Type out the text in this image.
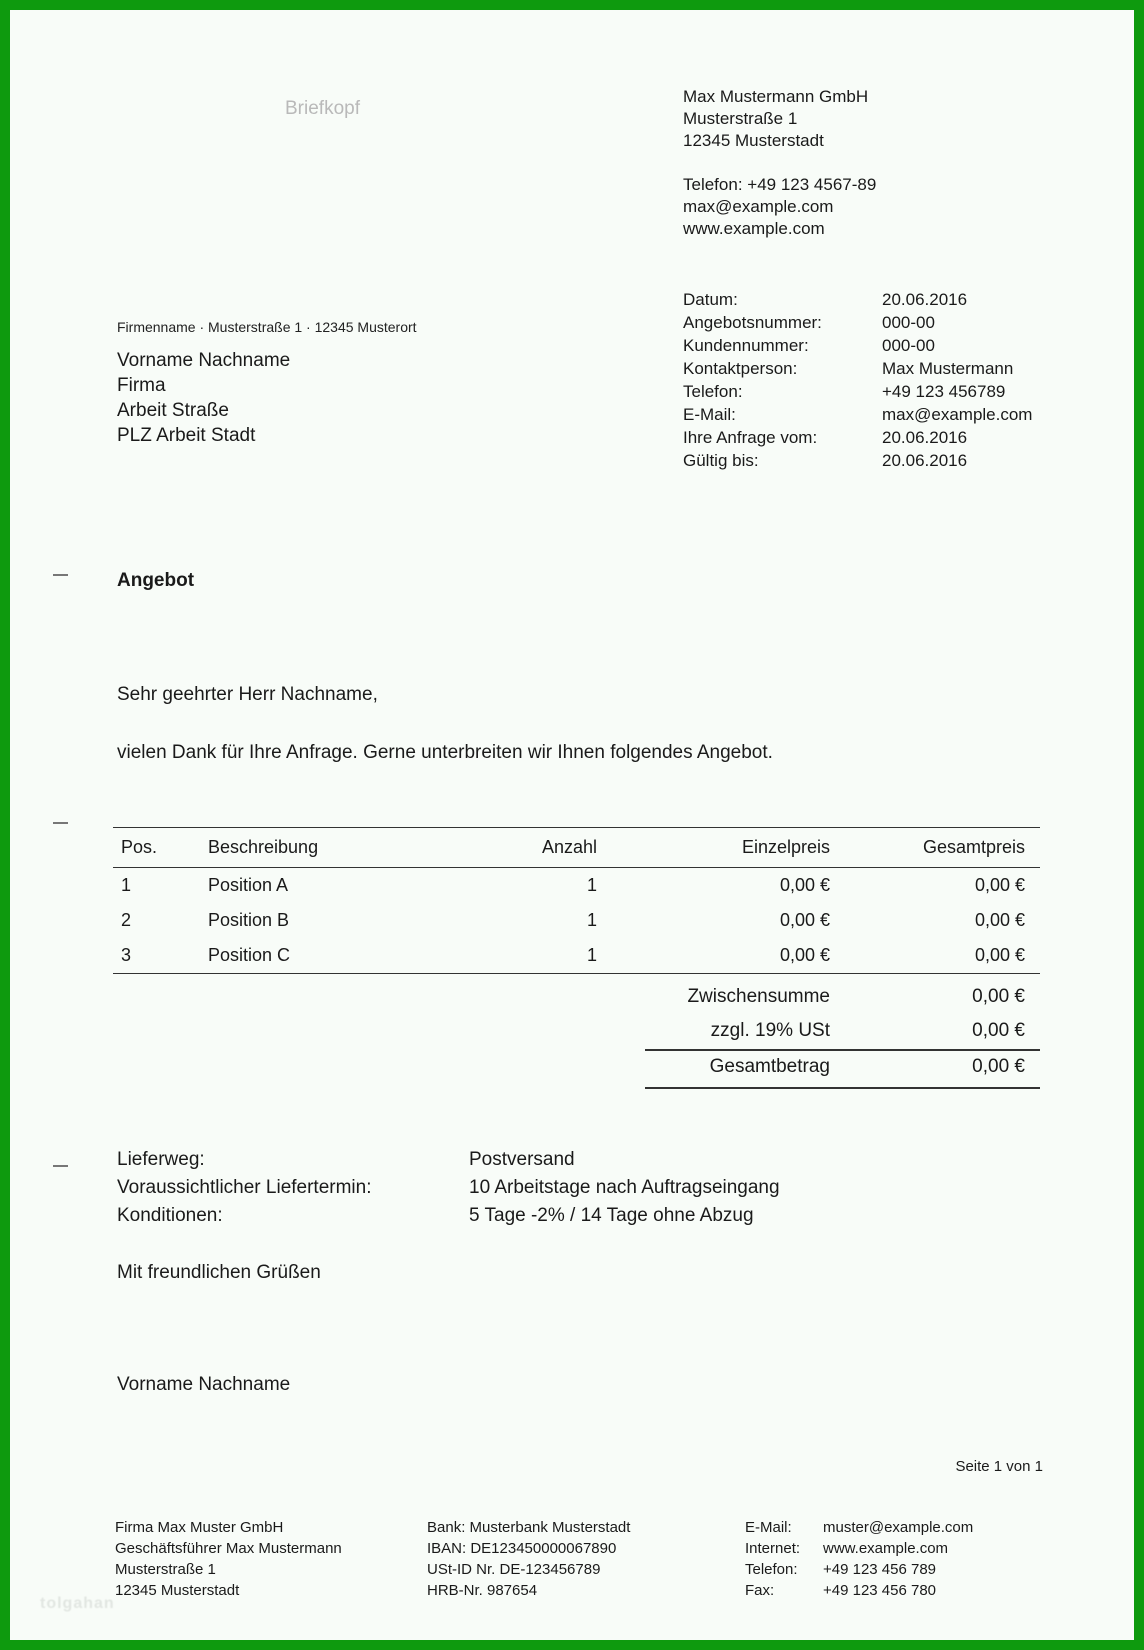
Briefkopf
Max Mustermann GmbH
Musterstraße 1
12345 Musterstadt
Telefon: +49 123 4567-89
max@example.com
www.example.com
Firmenname · Musterstraße 1 · 12345 Musterort
Vorname Nachname
Firma
Arbeit Straße
PLZ Arbeit Stadt
Datum:	20.06.2016
Angebotsnummer:	000-00
Kundennummer:	000-00
Kontaktperson:	Max Mustermann
Telefon:	+49 123 456789
E-Mail:	max@example.com
Ihre Anfrage vom:	20.06.2016
Gültig bis:	20.06.2016
Angebot
Sehr geehrter Herr Nachname,
vielen Dank für Ihre Anfrage. Gerne unterbreiten wir Ihnen folgendes Angebot.
Pos.	Beschreibung	Anzahl	Einzelpreis	Gesamtpreis
1	Position A	1	0,00 €	0,00 €
2	Position B	1	0,00 €	0,00 €
3	Position C	1	0,00 €	0,00 €
Zwischensumme	0,00 €
zzgl. 19% USt	0,00 €
Gesamtbetrag	0,00 €
Lieferweg:	Postversand
Voraussichtlicher Liefertermin:	10 Arbeitstage nach Auftragseingang
Konditionen:	5 Tage -2% / 14 Tage ohne Abzug
Mit freundlichen Grüßen
Vorname Nachname
Seite 1 von 1
Firma Max Muster GmbH
Geschäftsführer Max Mustermann
Musterstraße 1
12345 Musterstadt
Bank: Musterbank Musterstadt
IBAN: DE123450000067890
USt-ID Nr. DE-123456789
HRB-Nr. 987654
E-Mail:	muster@example.com
Internet:	www.example.com
Telefon:	+49 123 456 789
Fax:	+49 123 456 780
tolgahan
